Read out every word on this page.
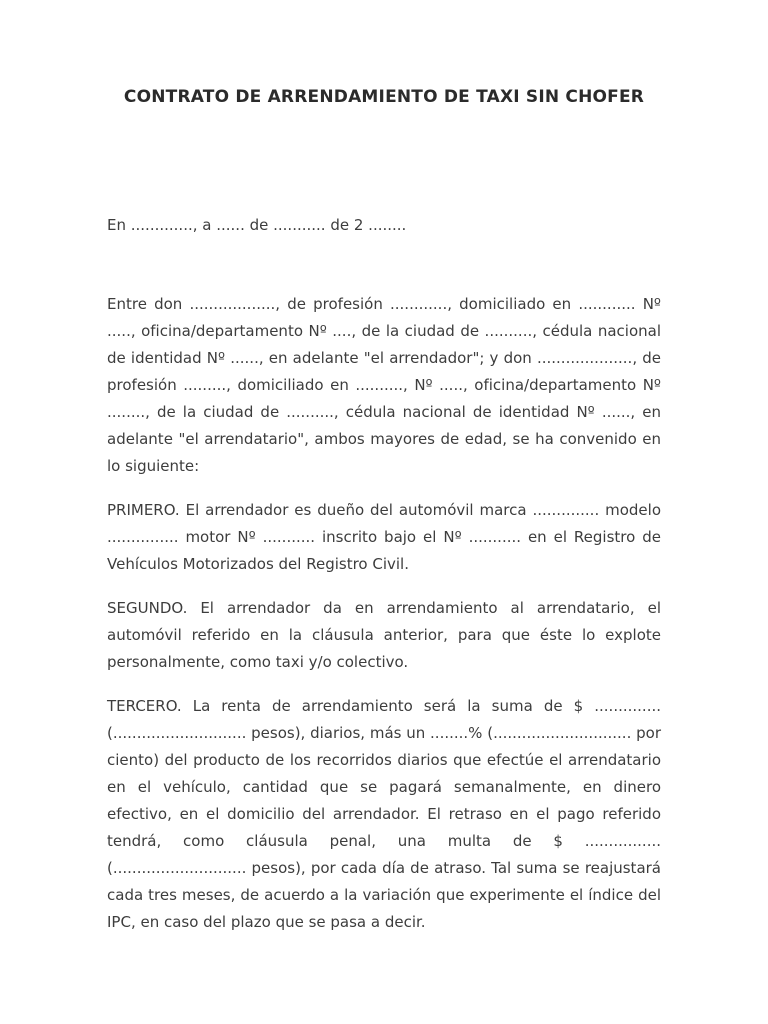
CONTRATO DE ARRENDAMIENTO DE TAXI SIN CHOFER

En ............., a ...... de ........... de 2 ........

Entre don .................., de profesión ............, domiciliado en ............ Nº ....., oficina/departamento Nº ...., de la ciudad de .........., cédula nacional de identidad Nº ......, en adelante "el arrendador"; y don ...................., de profesión ........., domiciliado en .........., Nº ....., oficina/departamento Nº ........, de la ciudad de .........., cédula nacional de identidad Nº ......, en adelante "el arrendatario", ambos mayores de edad, se ha convenido en lo siguiente:

PRIMERO. El arrendador es dueño del automóvil marca .............. modelo ............... motor Nº ........... inscrito bajo el Nº ........... en el Registro de Vehículos Motorizados del Registro Civil.

SEGUNDO. El arrendador da en arrendamiento al arrendatario, el automóvil referido en la cláusula anterior, para que éste lo explote personalmente, como taxi y/o colectivo.

TERCERO. La renta de arrendamiento será la suma de $ .............. (............................ pesos), diarios, más un ........% (............................. por ciento) del producto de los recorridos diarios que efectúe el arrendatario en el vehículo, cantidad que se pagará semanalmente, en dinero efectivo, en el domicilio del arrendador. El retraso en el pago referido tendrá, como cláusula penal, una multa de $ ................ (............................ pesos), por cada día de atraso. Tal suma se reajustará cada tres meses, de acuerdo a la variación que experimente el índice del IPC, en caso del plazo que se pasa a decir.
